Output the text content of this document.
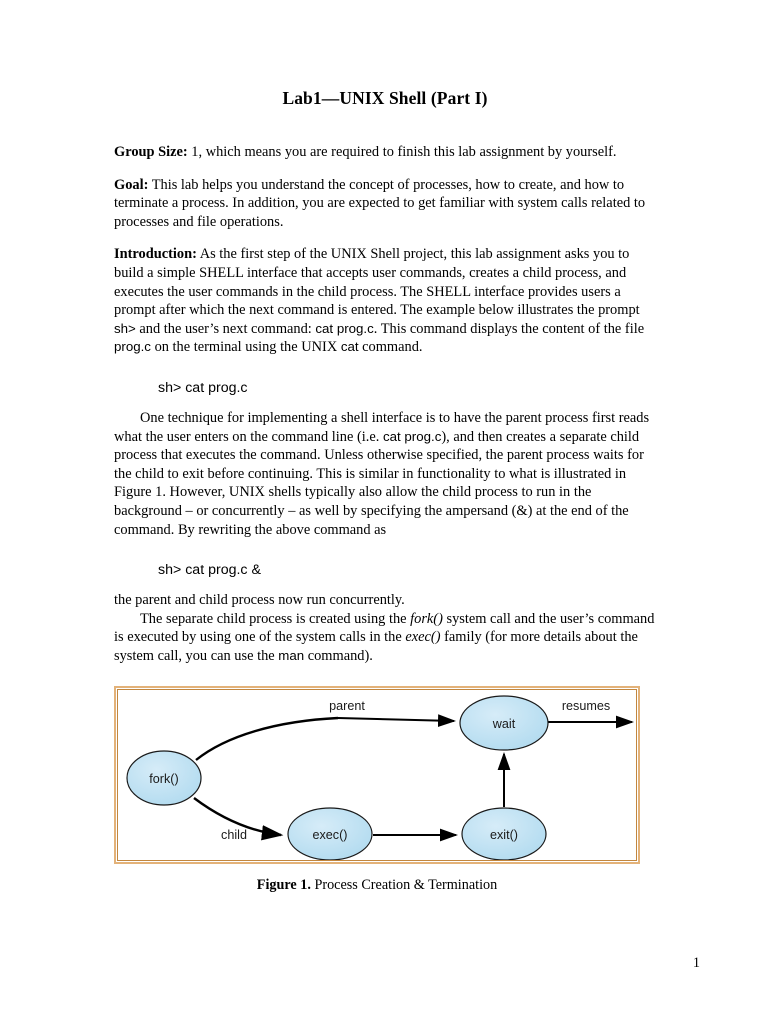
Lab1—UNIX Shell (Part I)

Group Size: 1, which means you are required to finish this lab assignment by yourself.

Goal: This lab helps you understand the concept of processes, how to create, and how to terminate a process. In addition, you are expected to get familiar with system calls related to processes and file operations.

Introduction: As the first step of the UNIX Shell project, this lab assignment asks you to build a simple SHELL interface that accepts user commands, creates a child process, and executes the user commands in the child process. The SHELL interface provides users a prompt after which the next command is entered. The example below illustrates the prompt sh> and the user’s next command: cat prog.c. This command displays the content of the file prog.c on the terminal using the UNIX cat command.

sh> cat prog.c

One technique for implementing a shell interface is to have the parent process first reads what the user enters on the command line (i.e. cat prog.c), and then creates a separate child process that executes the command. Unless otherwise specified, the parent process waits for the child to exit before continuing. This is similar in functionality to what is illustrated in Figure 1. However, UNIX shells typically also allow the child process to run in the background – or concurrently – as well by specifying the ampersand (&) at the end of the command. By rewriting the above command as

sh> cat prog.c &

the parent and child process now run concurrently.

The separate child process is created using the fork() system call and the user’s command is executed by using one of the system calls in the exec() family (for more details about the system call, you can use the man command).

fork()
wait
exec()	exit()
parent
child
resumes
Figure 1. Process Creation & Termination
1
